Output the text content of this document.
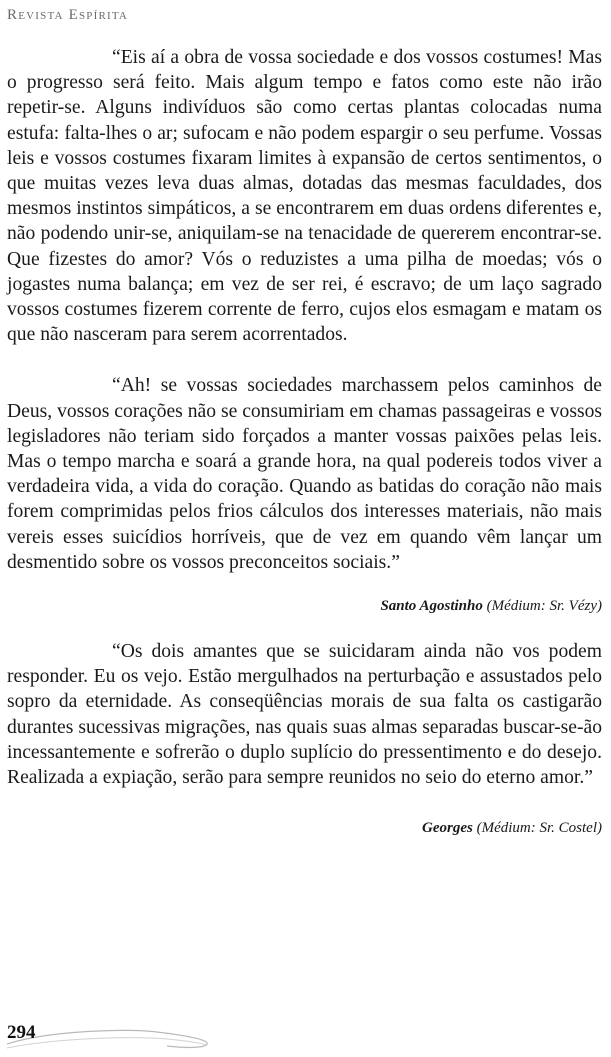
Revista Espírita

“Eis aí a obra de vossa sociedade e dos vossos costumes! Mas o progresso será feito. Mais algum tempo e fatos como este não irão repetir-se. Alguns indivíduos são como certas plantas colocadas numa estufa: falta-lhes o ar; sufocam e não podem espargir o seu perfume. Vossas leis e vossos costumes fixaram limites à expansão de certos sentimentos, o que muitas vezes leva duas almas, dotadas das mesmas faculdades, dos mesmos instintos simpáticos, a se encontrarem em duas ordens diferentes e, não podendo unir-se, aniquilam-se na tenacidade de quererem encontrar-se. Que fizestes do amor? Vós o reduzistes a uma pilha de moedas; vós o jogastes numa balança; em vez de ser rei, é escravo; de um laço sagrado vossos costumes fizerem corrente de ferro, cujos elos esmagam e matam os que não nasceram para serem acorrentados.

“Ah! se vossas sociedades marchassem pelos caminhos de Deus, vossos corações não se consumiriam em chamas passageiras e vossos legisladores não teriam sido forçados a manter vossas paixões pelas leis. Mas o tempo marcha e soará a grande hora, na qual podereis todos viver a verdadeira vida, a vida do coração. Quando as batidas do coração não mais forem comprimidas pelos frios cálculos dos interesses materiais, não mais vereis esses suicídios horríveis, que de vez em quando vêm lançar um desmentido sobre os vossos preconceitos sociais.”

Santo Agostinho (Médium: Sr. Vézy)

“Os dois amantes que se suicidaram ainda não vos podem responder. Eu os vejo. Estão mergulhados na perturbação e assustados pelo sopro da eternidade. As conseqüências morais de sua falta os castigarão durantes sucessivas migrações, nas quais suas almas separadas buscar-se-ão incessantemente e sofrerão o duplo suplício do pressentimento e do desejo. Realizada a expiação, serão para sempre reunidos no seio do eterno amor.”

Georges (Médium: Sr. Costel)

294
